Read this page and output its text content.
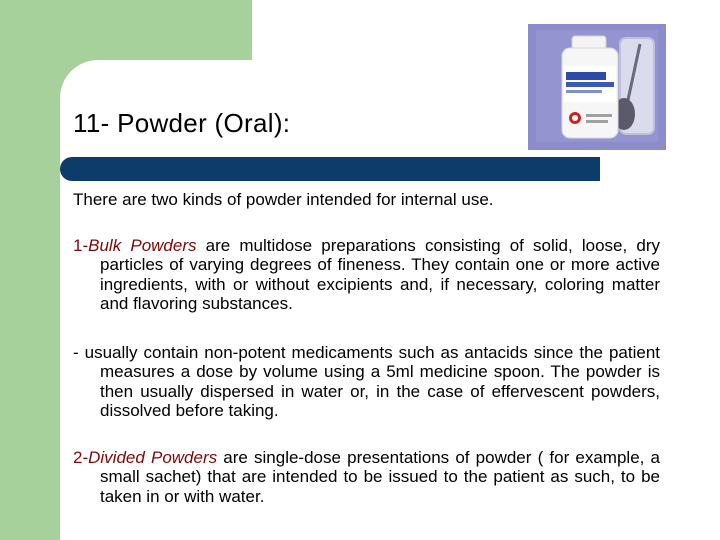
11- Powder (Oral):

There are two kinds of powder intended for internal use.

1-Bulk Powders are multidose preparations consisting of solid, loose, dry particles of varying degrees of fineness. They contain one or more active ingredients, with or without excipients and, if necessary, coloring matter and flavoring substances.

- usually contain non-potent medicaments such as antacids since the patient measures a dose by volume using a 5ml medicine spoon. The powder is then usually dispersed in water or, in the case of effervescent powders, dissolved before taking.

2-Divided Powders are single-dose presentations of powder ( for example, a small sachet) that are intended to be issued to the patient as such, to be taken in or with water.
